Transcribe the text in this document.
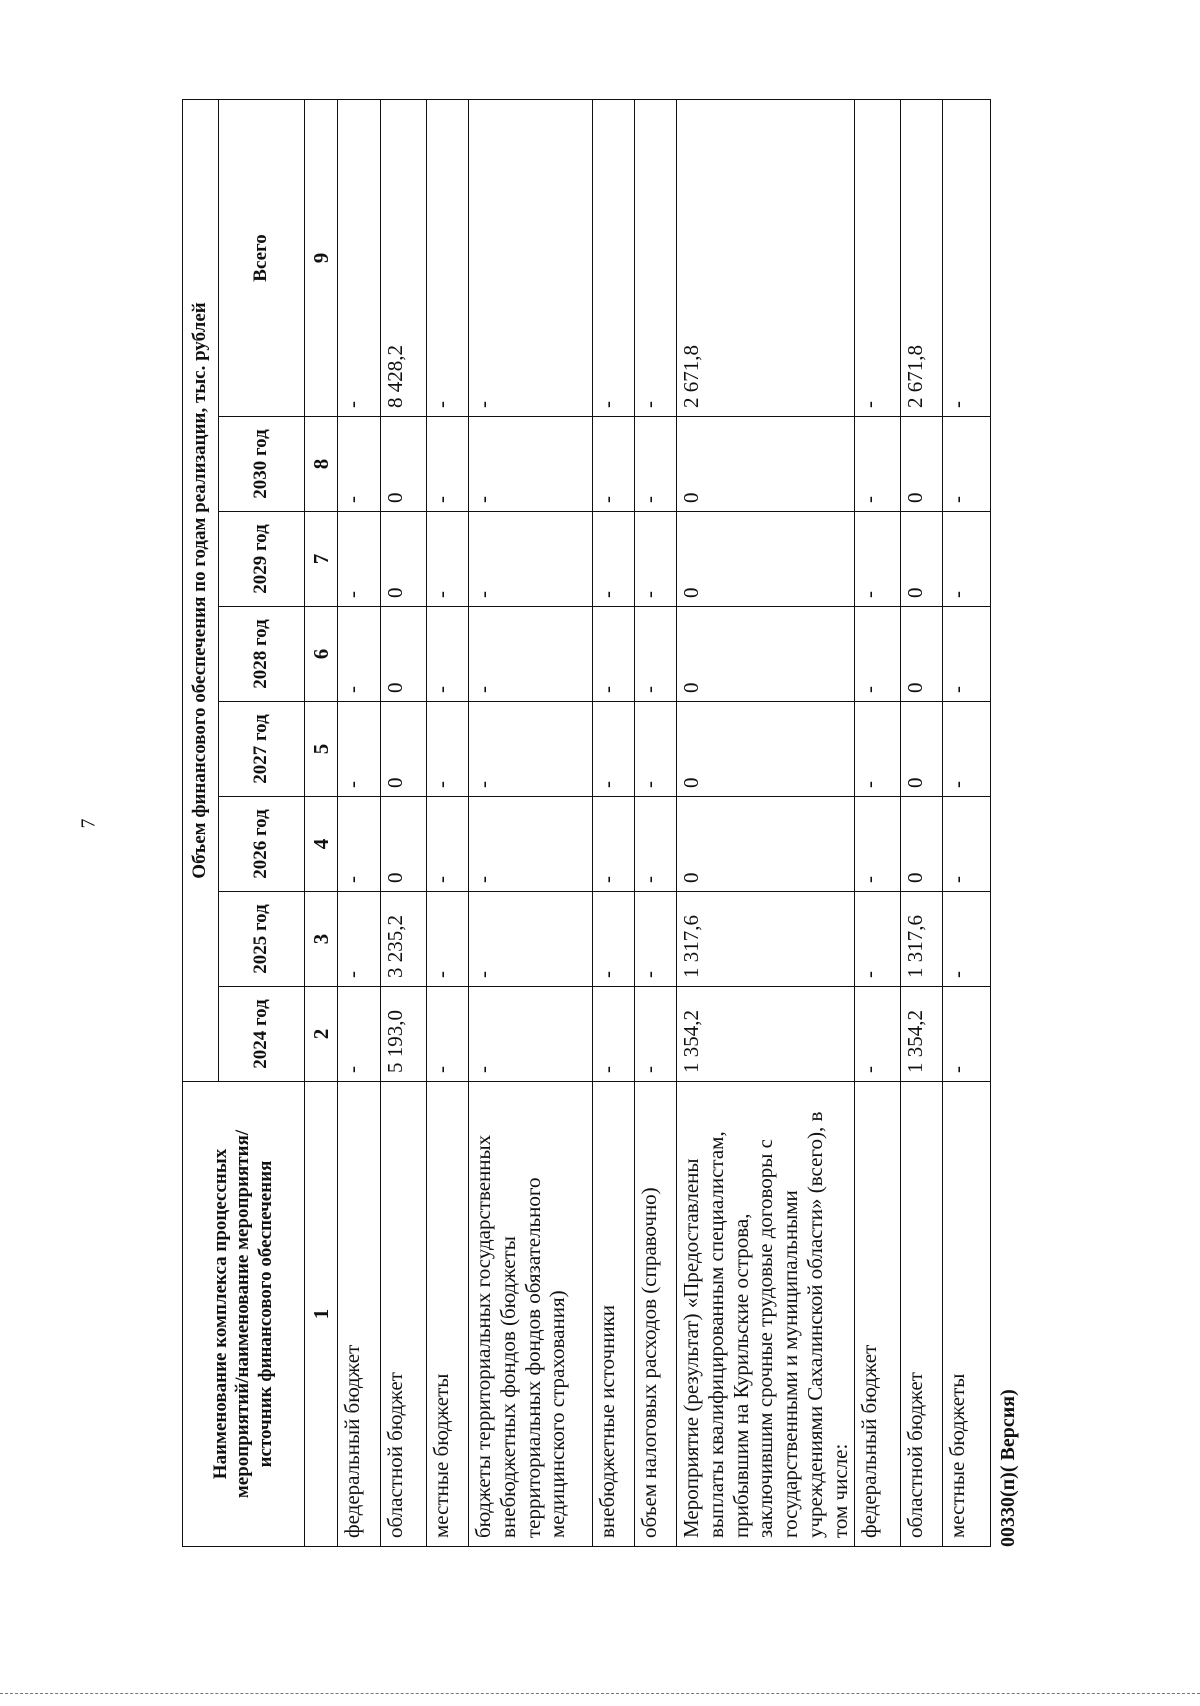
7
Наименование комплекса процессных мероприятий/наименование мероприятия/источник финансового обеспечения	Объем финансового обеспечения по годам реализации, тыс. рублей							
	2024 год	2025 год	2026 год	2027 год	2028 год	2029 год	2030 год	Всего
1	2	3	4	5	6	7	8	9
федеральный бюджет	-	-	-	-	-	-	-	-
областной бюджет	5 193,0	3 235,2	0	0	0	0	0	8 428,2
местные бюджеты	-	-	-	-	-	-	-	-
бюджеты территориальных государственных внебюджетных фондов (бюджеты территориальных фондов обязательного медицинского страхования)	-	-	-	-	-	-	-	-
внебюджетные источники	-	-	-	-	-	-	-	-
объем налоговых расходов (справочно)	-	-	-	-	-	-	-	-
Мероприятие (результат) «Предоставлены выплаты квалифицированным специалистам, прибывшим на Курильские острова, заключившим срочные трудовые договоры с государственными и муниципальными учреждениями Сахалинской области» (всего), в том числе:	1 354,2	1 317,6	0	0	0	0	0	2 671,8
федеральный бюджет	-	-	-	-	-	-	-	-
областной бюджет	1 354,2	1 317,6	0	0	0	0	0	2 671,8
местные бюджеты	-	-	-	-	-	-	-	-
00330(п)( Версия)
